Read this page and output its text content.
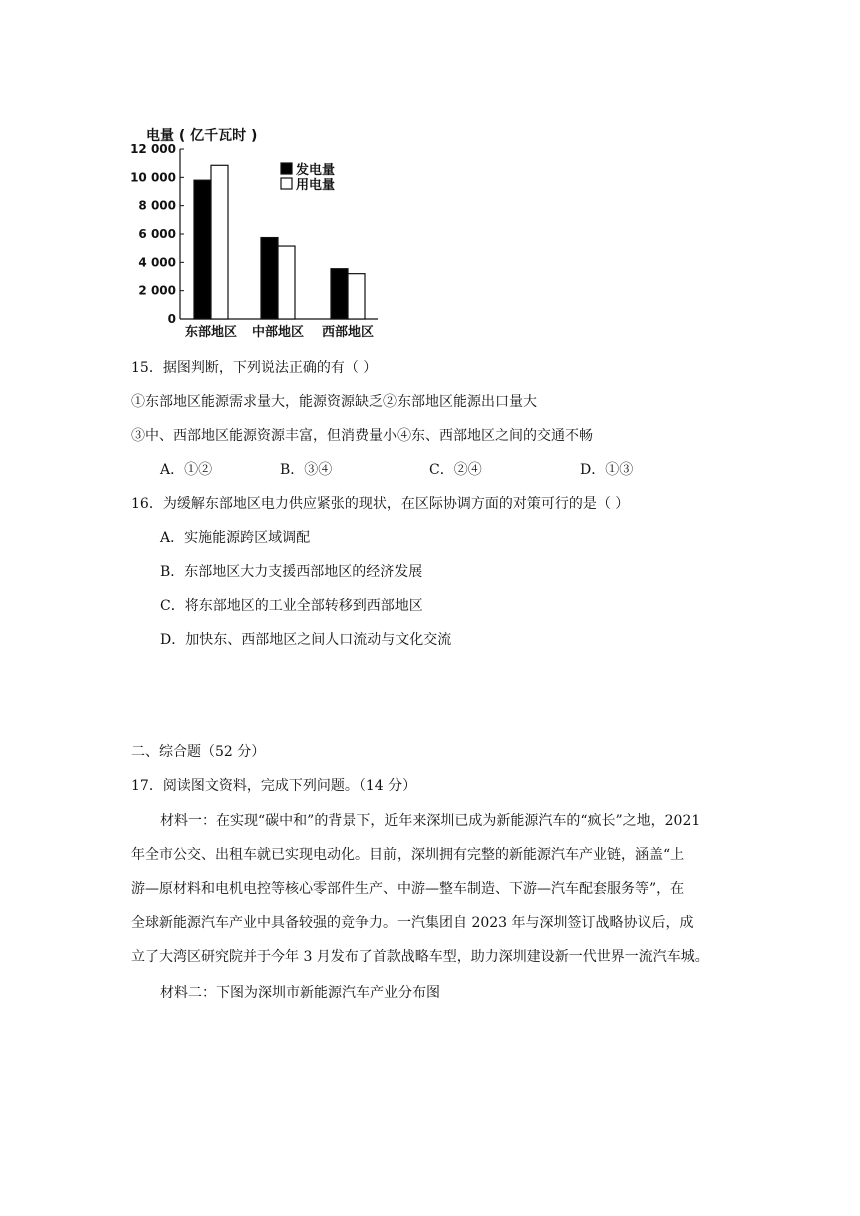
电量 ( 亿千瓦时 )
0
2 000
4 000
6 000
8 000
10 000
12 000
东部地区 中部地区 西部地区
发电量
用电量
15．据图判断，下列说法正确的有（ ）
①东部地区能源需求量大，能源资源缺乏②东部地区能源出口量大
③中、西部地区能源资源丰富，但消费量小④东、西部地区之间的交通不畅
A．①②	B．③④	C．②④	D．①③
16．为缓解东部地区电力供应紧张的现状，在区际协调方面的对策可行的是（ ）
A．实施能源跨区域调配
B．东部地区大力支援西部地区的经济发展
C．将东部地区的工业全部转移到西部地区
D．加快东、西部地区之间人口流动与文化交流
二、综合题（52 分）
17．阅读图文资料，完成下列问题。（14 分）
材料一：在实现“碳中和”的背景下，近年来深圳已成为新能源汽车的“疯长”之地，2021
年全市公交、出租车就已实现电动化。目前，深圳拥有完整的新能源汽车产业链，涵盖“上
游—原材料和电机电控等核心零部件生产、中游—整车制造、下游—汽车配套服务等”，在
全球新能源汽车产业中具备较强的竞争力。一汽集团自 2023 年与深圳签订战略协议后，成
立了大湾区研究院并于今年 3 月发布了首款战略车型，助力深圳建设新一代世界一流汽车城。
材料二：下图为深圳市新能源汽车产业分布图
